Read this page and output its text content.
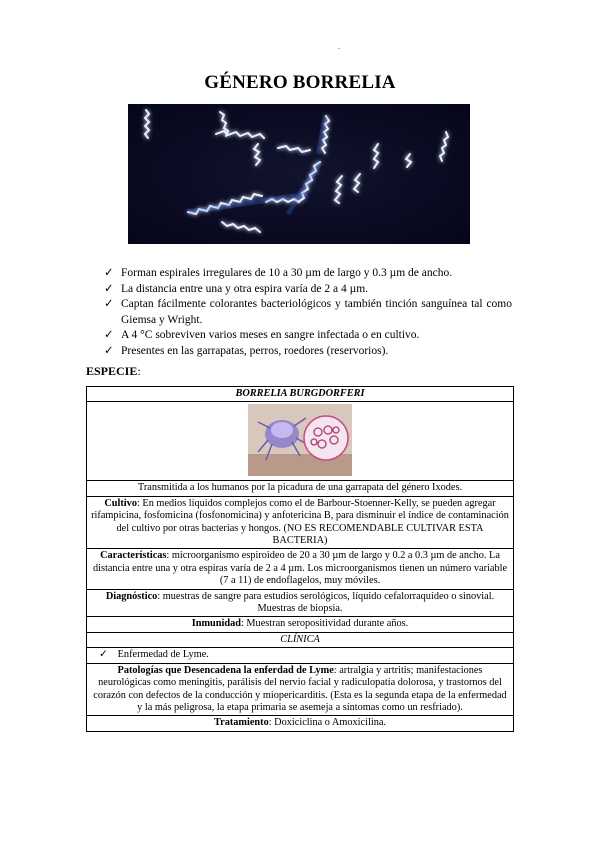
.
GÉNERO BORRELIA
✓ Forman espirales irregulares de 10 a 30 µm de largo y 0.3 µm de ancho.
✓ La distancia entre una y otra espira varía de 2 a 4 µm.
✓ Captan fácilmente colorantes bacteriológicos y también tinción sanguínea tal como Giemsa y Wright.
✓ A 4 °C sobreviven varios meses en sangre infectada o en cultivo.
✓ Presentes en las garrapatas, perros, roedores (reservorios).
ESPECIE:
BORRELIA BURGDORFERI

Transmitida a los humanos por la picadura de una garrapata del género Ixodes.
Cultivo: En medios líquidos complejos como el de Barbour-Stoenner-Kelly, se pueden agregar rifampicina, fosfomicina (fosfonomicina) y anfotericina B, para disminuir el índice de contaminación del cultivo por otras bacterias y hongos. (NO ES RECOMENDABLE CULTIVAR ESTA BACTERIA)
Características: microorganismo espiroideo de 20 a 30 µm de largo y 0.2 a 0.3 µm de ancho. La distancia entre una y otra espiras varía de 2 a 4 µm. Los microorganismos tienen un número variable (7 a 11) de endoflagelos, muy móviles.
Diagnóstico: muestras de sangre para estudios serológicos, líquido cefalorraquídeo o sinovial. Muestras de biopsia.
Inmunidad: Muestran seropositividad durante años.
CLÍNICA
✓ Enfermedad de Lyme.
Patologías que Desencadena la enferdad de Lyme: artralgia y artritis; manifestaciones neurológicas como meningitis, parálisis del nervio facial y radiculopatía dolorosa, y trastornos del corazón con defectos de la conducción y miopericarditis. (Esta es la segunda etapa de la enfermedad y la más peligrosa, la etapa primaria se asemeja a síntomas como un resfriado).
Tratamiento: Doxiciclina o Amoxicilina.
